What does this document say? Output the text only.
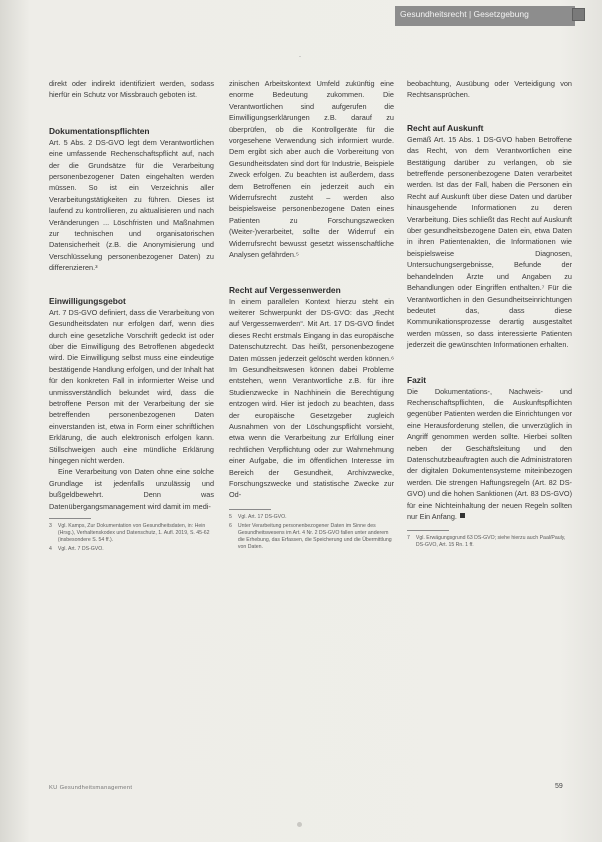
Gesundheitsrecht | Gesetzgebung
-

direkt oder indirekt identifiziert werden, sodass hierfür ein Schutz vor Missbrauch geboten ist.

Dokumentationspflichten

Art. 5 Abs. 2 DS-GVO legt dem Verantwortlichen eine umfassende Rechenschaftspflicht auf, nach der die Grundsätze für die Verarbeitung personenbezogener Daten eingehalten werden müssen. So ist ein Verzeichnis aller Verarbeitungstätigkeiten zu führen. Dieses ist laufend zu kontrollieren, zu aktualisieren und nach Veränderungen ... Löschfristen und Maßnahmen zur technischen und organisatorischen Datensicherheit (z.B. die Anonymisierung und Verschlüsselung personenbezogener Daten) zu differenzieren.³

Einwilligungsgebot

Art. 7 DS-GVO definiert, dass die Verarbeitung von Gesundheitsdaten nur erfolgen darf, wenn dies durch eine gesetzliche Vorschrift gedeckt ist oder über die Einwilligung des Betroffenen abgedeckt wird. Die Einwilligung selbst muss eine eindeutige bestätigende Handlung erfolgen, und der Inhalt hat für den konkreten Fall in informierter Weise und unmissverständlich bekundet wird, dass die betroffene Person mit der Verarbeitung der sie betreffenden personenbezogenen Daten einverstanden ist, etwa in Form einer schriftlichen Erklärung, die auch elektronisch erfolgen kann. Stillschweigen auch eine mündliche Erklärung hingegen nicht werden.

Eine Verarbeitung von Daten ohne eine solche Grundlage ist jedenfalls unzulässig und bußgeldbewehrt. Denn was Datenübergangsmanagement wird damit im medi-

3 Vgl. Kamps, Zur Dokumentation von Gesundheitsdaten, in: Hein (Hrsg.), Verhaltenskodex und Datenschutz, 1. Aufl. 2019, S. 45-62 (insbesondere S. 54 ff.).
4 Vgl. Art. 7 DS-GVO.

zinischen Arbeitskontext Umfeld zukünftig eine enorme Bedeutung zukommen. Die Verantwortlichen sind aufgerufen die Einwilligungserklärungen z.B. darauf zu überprüfen, ob die Kontrollgeräte für die vorgesehene Verwendung sich informiert wurde. Dem ergibt sich aber auch die Vorbereitung von Gesundheitsdaten sind dort für Industrie, Beispiele Zweck erfolgen. Zu beachten ist außerdem, dass dem Betroffenen ein jederzeit auch ein Widerrufsrecht zusteht – werden also beispielsweise personenbezogene Daten eines Patienten zu Forschungszwecken (Weiter-)verarbeitet, sollte der Widerruf ein Widerrufsrecht bewusst gesetzt wissenschaftliche Analysen gefährden.⁵

Recht auf Vergessenwerden

In einem parallelen Kontext hierzu steht ein weiterer Schwerpunkt der DS-GVO: das „Recht auf Vergessenwerden“. Mit Art. 17 DS-GVO findet dieses Recht erstmals Eingang in das europäische Datenschutzrecht. Das heißt, personenbezogene Daten müssen jederzeit gelöscht werden können.⁶ Im Gesundheitswesen können dabei Probleme entstehen, wenn Verantwortliche z.B. für ihre Studienzwecke in Nachhinein die Berechtigung entzogen wird. Hier ist jedoch zu beachten, dass der europäische Gesetzgeber zugleich Ausnahmen von der Löschungspflicht vorsieht, etwa wenn die Verarbeitung zur Erfüllung einer rechtlichen Verpflichtung oder zur Wahrnehmung einer Aufgabe, die im öffentlichen Interesse im Bereich der Gesundheit, Archivzwecke, Forschungszwecke und statistische Zwecke zur Od-

5 Vgl. Art. 17 DS-GVO.
6 Unter Verarbeitung personenbezogener Daten im Sinne des Gesundheitswesens im Art. 4 Nr. 2 DS-GVO fallen unter anderem die Erhebung, das Erfassen, die Speicherung und die Übermittlung von Daten.

beobachtung, Ausübung oder Verteidigung von Rechtsansprüchen.

Recht auf Auskunft

Gemäß Art. 15 Abs. 1 DS-GVO haben Betroffene das Recht, von dem Verantwortlichen eine Bestätigung darüber zu verlangen, ob sie betreffende personenbezogene Daten verarbeitet werden. Ist das der Fall, haben die Personen ein Recht auf Auskunft über diese Daten und darüber hinausgehende Informationen zu deren Verarbeitung. Dies schließt das Recht auf Auskunft über gesundheitsbezogene Daten ein, etwa Daten in ihren Patientenakten, die Informationen wie beispielsweise Diagnosen, Untersuchungsergebnisse, Befunde der behandelnden Ärzte und Angaben zu Behandlungen oder Eingriffen enthalten.⁷ Für die Verantwortlichen in den Gesundheitseinrichtungen bedeutet das, dass diese Kommunikationsprozesse derartig ausgestaltet werden müssen, so dass interessierte Patienten jederzeit die gewünschten Informationen erhalten.

Fazit

Die Dokumentations-, Nachweis- und Rechenschaftspflichten, die Auskunftspflichten gegenüber Patienten werden die Einrichtungen vor eine Herausforderung stellen, die unverzüglich in Angriff genommen werden sollte. Hierbei sollten neben der Geschäftsleitung und den Datenschutzbeauftragten auch die Administratoren der digitalen Dokumentensysteme miteinbezogen werden. Die strengen Haftungsregeln (Art. 82 DS-GVO) und die hohen Sanktionen (Art. 83 DS-GVO) für eine Nichteinhaltung der neuen Regeln sollten nur Ein Anfang.

7 Vgl. Erwägungsgrund 63 DS-GVO; siehe hierzu auch Paal/Pauly, DS-GVO, Art. 15 Rn. 1 ff.
KU Gesundheitsmanagement	59
